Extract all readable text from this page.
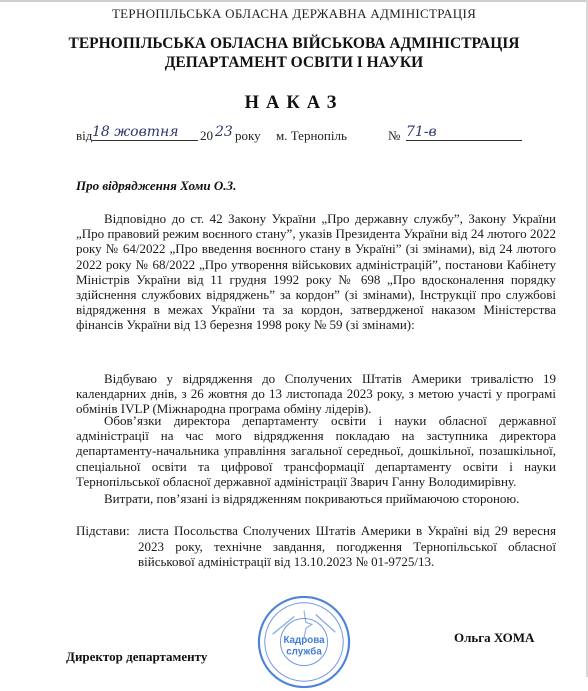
ТЕРНОПІЛЬСЬКА ОБЛАСНА ДЕРЖАВНА АДМІНІСТРАЦІЯ
ТЕРНОПІЛЬСЬКА ОБЛАСНА ВІЙСЬКОВА АДМІНІСТРАЦІЯ
ДЕПАРТАМЕНТ ОСВІТИ І НАУКИ
НАКАЗ
від 18 жовтня	20 23 року м. Тернопіль	№ 71-в
Про відрядження Хоми О.З.
Відповідно до ст. 42 Закону України „Про державну службу”, Закону України „Про правовий режим воєнного стану”, указів Президента України від 24 лютого 2022 року № 64/2022 „Про введення воєнного стану в Україні” (зі змінами), від 24 лютого 2022 року № 68/2022 „Про утворення військових адміністрацій”, постанови Кабінету Міністрів України від 11 грудня 1992 року № 698 „Про вдосконалення порядку здійснення службових відряджень” за кордон” (зі змінами), Інструкції про службові відрядження в межах України та за кордон, затвердженої наказом Міністерства фінансів України від 13 березня 1998 року № 59 (зі змінами):
Відбуваю у відрядження до Сполучених Штатів Америки тривалістю 19 календарних днів, з 26 жовтня до 13 листопада 2023 року, з метою участі у програмі обмінів IVLP (Міжнародна програма обміну лідерів).
Обов’язки директора департаменту освіти і науки обласної державної адміністрації на час мого відрядження покладаю на заступника директора департаменту-начальника управління загальної середньої, дошкільної, позашкільної, спеціальної освіти та цифрової трансформації департаменту освіти і науки Тернопільської обласної державної адміністрації Зварич Ганну Володимирівну.
Витрати, пов’язані із відрядженням покриваються приймаючою стороною.
Підстави: листа Посольства Сполучених Штатів Америки в Україні від 29 вересня 2023 року, технічне завдання, погодження Тернопільської обласної військової адміністрації від 13.10.2023 № 01-9725/13.
Кадрова служба
Ольга ХОМА
Директор департаменту
